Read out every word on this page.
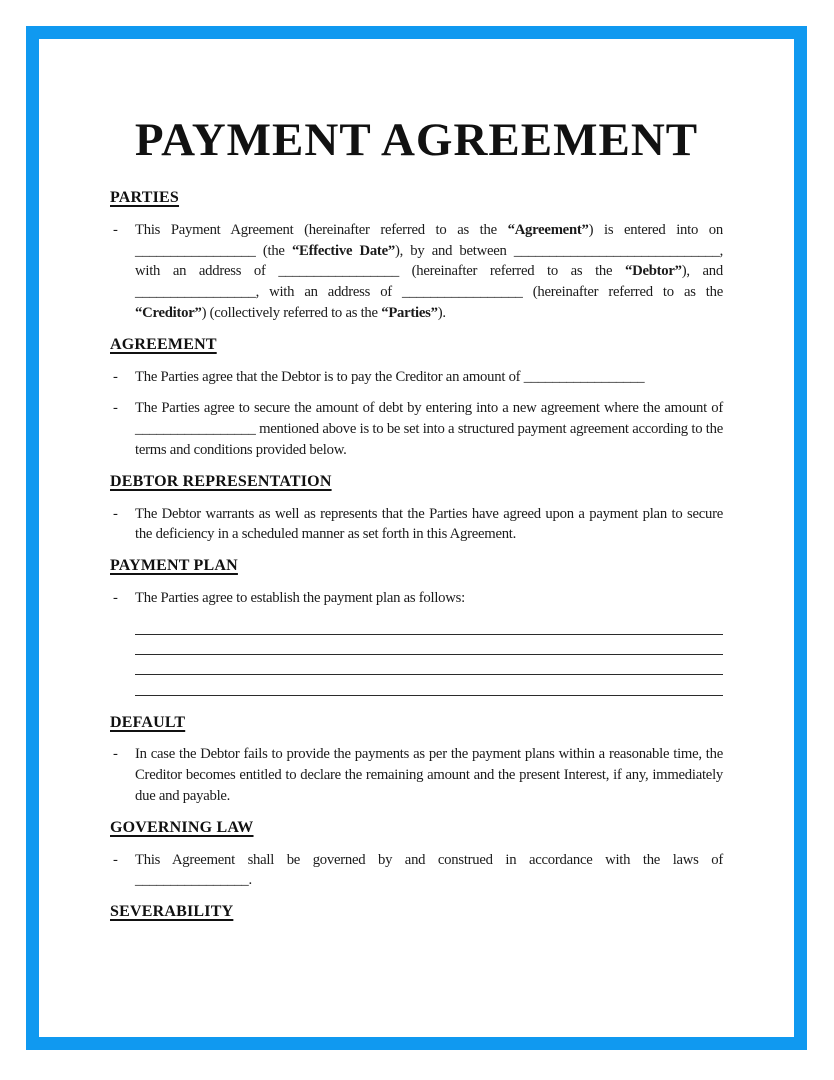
PAYMENT AGREEMENT
PARTIES
- This Payment Agreement (hereinafter referred to as the “Agreement”) is entered into on _________________ (the “Effective Date”), by and between _____________________________, with an address of _________________ (hereinafter referred to as the “Debtor”), and _________________, with an address of _________________ (hereinafter referred to as the “Creditor”) (collectively referred to as the “Parties”).
AGREEMENT
- The Parties agree that the Debtor is to pay the Creditor an amount of _________________
- The Parties agree to secure the amount of debt by entering into a new agreement where the amount of _________________ mentioned above is to be set into a structured payment agreement according to the terms and conditions provided below.
DEBTOR REPRESENTATION
- The Debtor warrants as well as represents that the Parties have agreed upon a payment plan to secure the deficiency in a scheduled manner as set forth in this Agreement.
PAYMENT PLAN
- The Parties agree to establish the payment plan as follows:
DEFAULT
- In case the Debtor fails to provide the payments as per the payment plans within a reasonable time, the Creditor becomes entitled to declare the remaining amount and the present Interest, if any, immediately due and payable.
GOVERNING LAW
- This Agreement shall be governed by and construed in accordance with the laws of ________________.
SEVERABILITY
